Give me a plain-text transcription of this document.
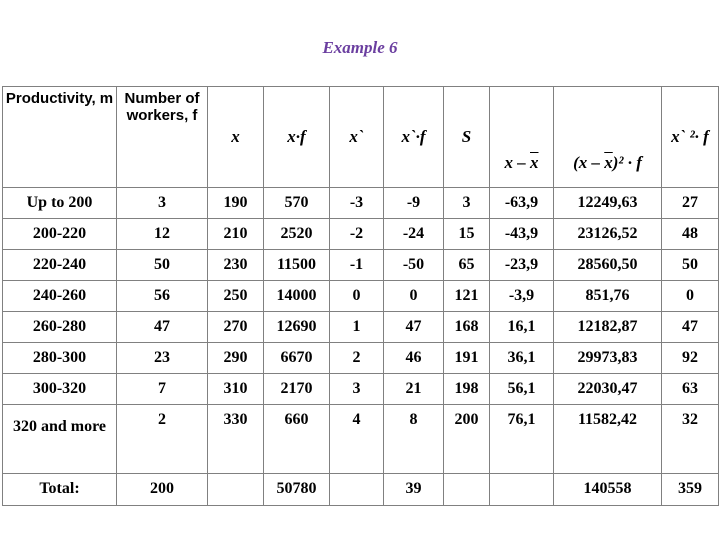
Example 6
Productivity, m	Number of workers, f	x	x·f	x`	x`·f	S	x – $\overline{x}$	$(x - \overline{x})^2 \cdot f$	x` ²· f
Up to 200	3	190	570	-3	-9	3	-63,9	12249,63	27
200-220	12	210	2520	-2	-24	15	-43,9	23126,52	48
220-240	50	230	11500	-1	-50	65	-23,9	28560,50	50
240-260	56	250	14000	0	0	121	-3,9	851,76	0
260-280	47	270	12690	1	47	168	16,1	12182,87	47
280-300	23	290	6670	2	46	191	36,1	29973,83	92
300-320	7	310	2170	3	21	198	56,1	22030,47	63
320 and more	2	330	660	4	8	200	76,1	11582,42	32
Total:	200		50780		39			140558	359
